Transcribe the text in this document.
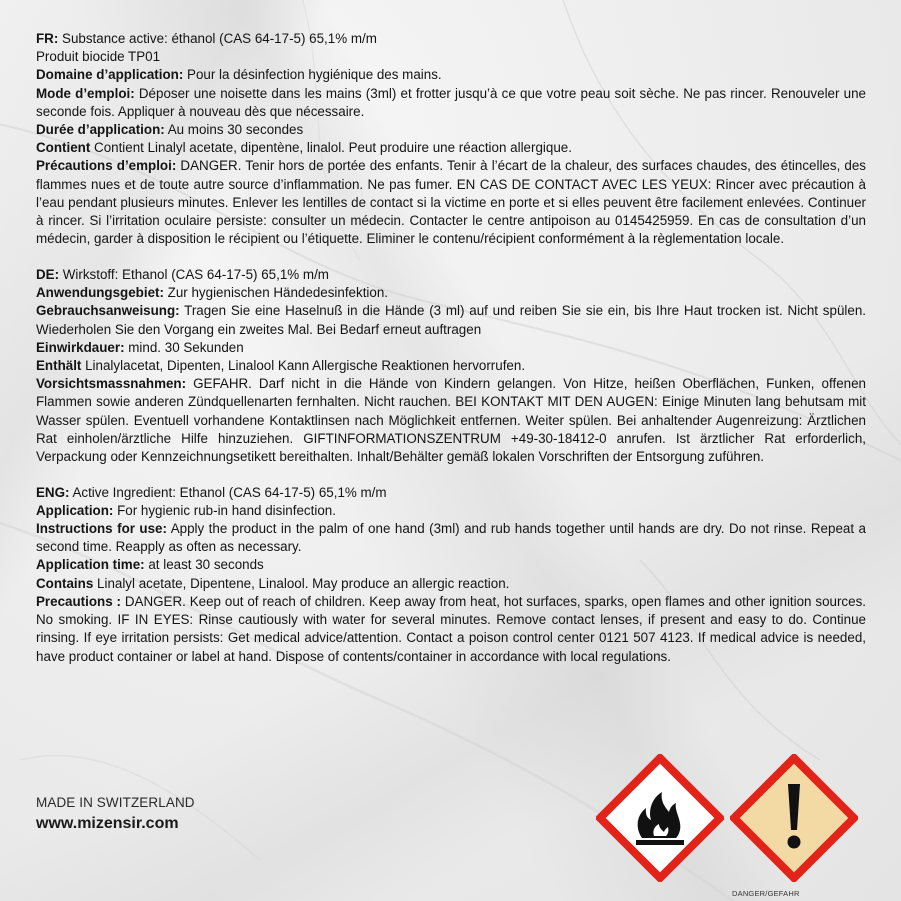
FR: Substance active: éthanol (CAS 64-17-5) 65,1% m/m
Produit biocide TP01
Domaine d’application: Pour la désinfection hygiénique des mains.
Mode d’emploi: Déposer une noisette dans les mains (3ml) et frotter jusqu’à ce que votre peau soit sèche. Ne pas rincer. Renouveler une seconde fois. Appliquer à nouveau dès que nécessaire.
Durée d’application: Au moins 30 secondes
Contient Contient Linalyl acetate, dipentène, linalol. Peut produire une réaction allergique.
Précautions d’emploi: DANGER. Tenir hors de portée des enfants. Tenir à l’écart de la chaleur, des surfaces chaudes, des étincelles, des flammes nues et de toute autre source d’inflammation. Ne pas fumer. EN CAS DE CONTACT AVEC LES YEUX: Rincer avec précaution à l’eau pendant plusieurs minutes. Enlever les lentilles de contact si la victime en porte et si elles peuvent être facilement enlevées. Continuer à rincer. Si l’irritation oculaire persiste: consulter un médecin. Contacter le centre antipoison au 0145425959. En cas de consultation d’un médecin, garder à disposition le récipient ou l’étiquette. Eliminer le contenu/récipient conformément à la règlementation locale.
DE: Wirkstoff: Ethanol (CAS 64-17-5) 65,1% m/m
Anwendungsgebiet: Zur hygienischen Händedesinfektion.
Gebrauchsanweisung: Tragen Sie eine Haselnuß in die Hände (3 ml) auf und reiben Sie sie ein, bis Ihre Haut trocken ist. Nicht spülen. Wiederholen Sie den Vorgang ein zweites Mal. Bei Bedarf erneut auftragen
Einwirkdauer: mind. 30 Sekunden
Enthält Linalylacetat, Dipenten, Linalool Kann Allergische Reaktionen hervorrufen.
Vorsichtsmassnahmen: GEFAHR. Darf nicht in die Hände von Kindern gelangen. Von Hitze, heißen Oberflächen, Funken, offenen Flammen sowie anderen Zündquellenarten fernhalten. Nicht rauchen. BEI KONTAKT MIT DEN AUGEN: Einige Minuten lang behutsam mit Wasser spülen. Eventuell vorhandene Kontaktlinsen nach Möglichkeit entfernen. Weiter spülen. Bei anhaltender Augenreizung: Ärztlichen Rat einholen/ärztliche Hilfe hinzuziehen. GIFTINFORMATIONSZENTRUM +49-30-18412-0 anrufen. Ist ärztlicher Rat erforderlich, Verpackung oder Kennzeichnungsetikett bereithalten. Inhalt/Behälter gemäß lokalen Vorschriften der Entsorgung zuführen.
ENG: Active Ingredient: Ethanol (CAS 64-17-5) 65,1% m/m
Application: For hygienic rub-in hand disinfection.
Instructions for use: Apply the product in the palm of one hand (3ml) and rub hands together until hands are dry. Do not rinse. Repeat a second time. Reapply as often as necessary.
Application time: at least 30 seconds
Contains Linalyl acetate, Dipentene, Linalool. May produce an allergic reaction.
Precautions : DANGER. Keep out of reach of children. Keep away from heat, hot surfaces, sparks, open flames and other ignition sources. No smoking. IF IN EYES: Rinse cautiously with water for several minutes. Remove contact lenses, if present and easy to do. Continue rinsing. If eye irritation persists: Get medical advice/attention. Contact a poison control center 0121 507 4123. If medical advice is needed, have product container or label at hand. Dispose of contents/container in accordance with local regulations.
MADE IN SWITZERLAND
www.mizensir.com
DANGER/GEFAHR
